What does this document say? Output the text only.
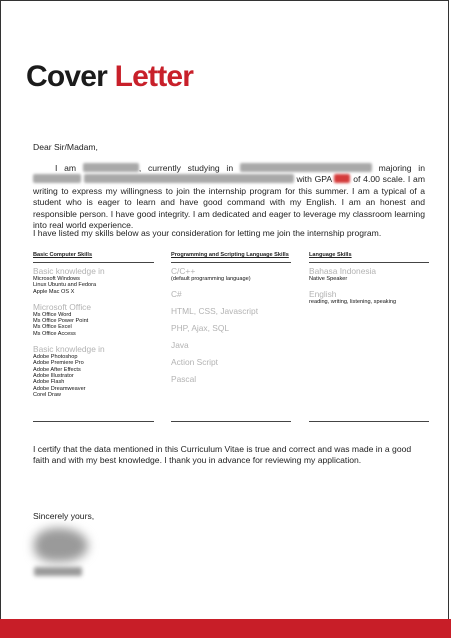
Cover Letter
Dear Sir/Madam,
I am	, currently studying in	majoring in   with GPA  of 4.00 scale. I am writing to express my willingness to join the internship program for this summer. I am a typical of a student who is eager to learn and have good command with my English. I am an honest and responsible person. I have good integrity. I am dedicated and eager to leverage my classroom learning into real world experience.
I have listed my skills below as your consideration for letting me join the internship program.
Basic Computer Skills
Basic knowledge in
Microsoft Windows
Linux Ubuntu and Fedora
Apple Mac OS X
Microsoft Office
Ms Office Word
Ms Office Power Point
Ms Office Excel
Ms Office Access
Basic knowledge in
Adobe Photoshop
Adobe Premiere Pro
Adobe After Effects
Adobe Illustrator
Adobe Flash
Adobe Dreamweaver
Corel Draw
Programming and Scripting Language Skills
C/C++
(default programming language)
C#
HTML, CSS, Javascript
PHP, Ajax, SQL
Java
Action Script
Pascal
Language Skills
Bahasa Indonesia
Native Speaker
English
reading, writing, listening, speaking
I certify that the data mentioned in this Curriculum Vitae is true and correct and was made in a good faith and with my best knowledge. I thank you in advance for reviewing my application.
Sincerely yours,
